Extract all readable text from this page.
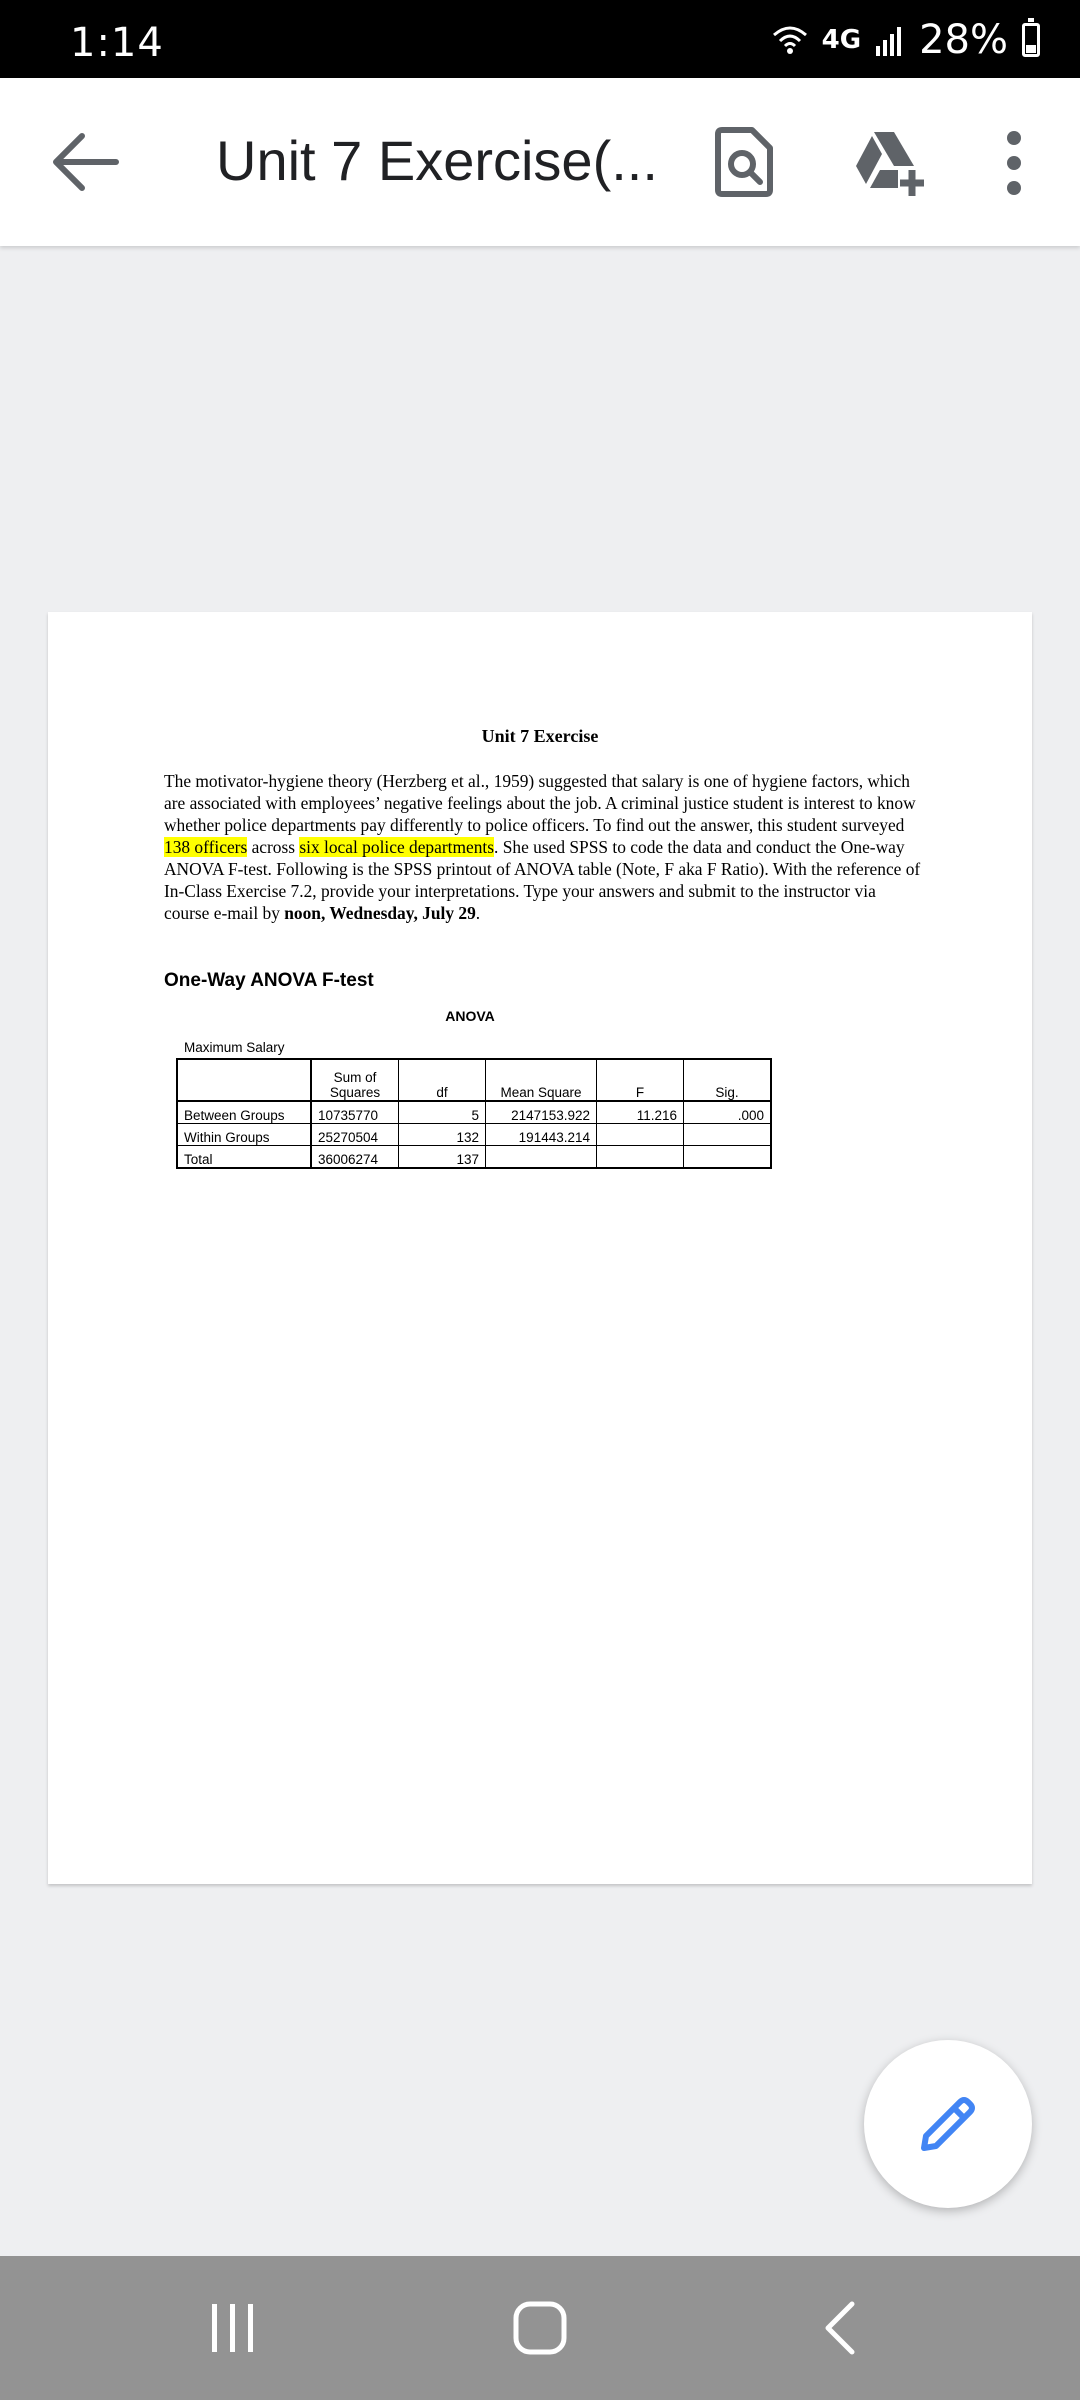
1:14	4G 28%
Unit 7 Exercise(...
Unit 7 Exercise
The motivator-hygiene theory (Herzberg et al., 1959) suggested that salary is one of hygiene factors, which are associated with employees’ negative feelings about the job. A criminal justice student is interest to know whether police departments pay differently to police officers. To find out the answer, this student surveyed 138 officers across six local police departments. She used SPSS to code the data and conduct the One-way ANOVA F-test. Following is the SPSS printout of ANOVA table (Note, F aka F Ratio). With the reference of In-Class Exercise 7.2, provide your interpretations. Type your answers and submit to the instructor via course e-mail by noon, Wednesday, July 29.
One-Way ANOVA F-test
ANOVA
Maximum Salary
	Sum of Squares	df	Mean Square	F	Sig.
Between Groups	10735770	5	2147153.922	11.216	.000
Within Groups	25270504	132	191443.214		
Total	36006274	137			
